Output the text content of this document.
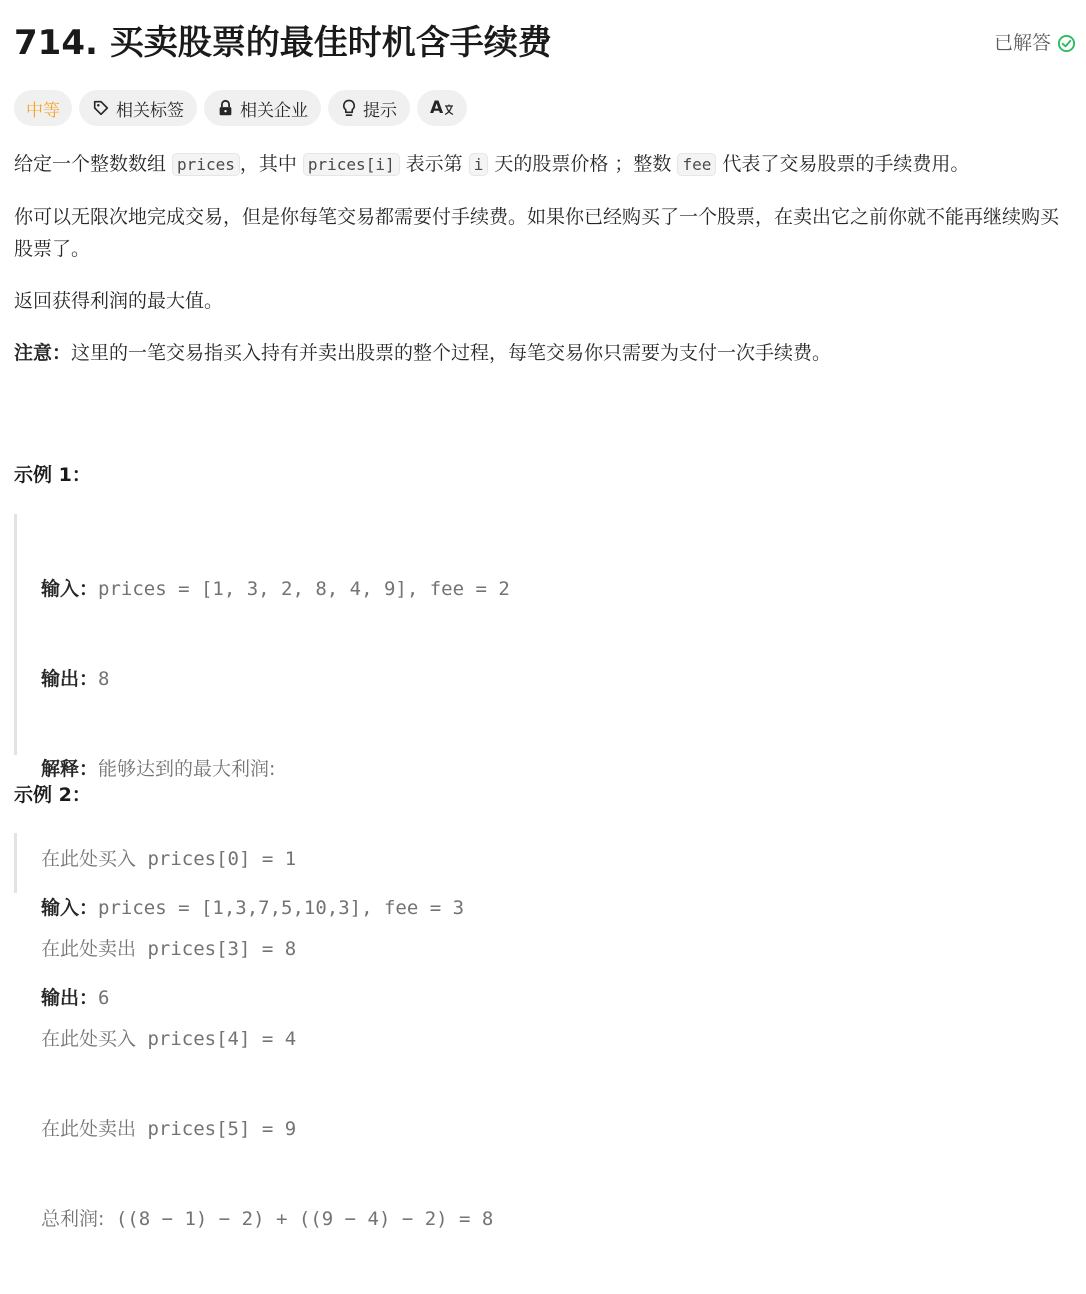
714. 买卖股票的最佳时机含手续费	已解答
中等	相关标签	相关企业	提示 A

给定一个整数数组 prices ，其中 prices[i] 表示第 i 天的股票价格 ；整数 fee 代表了交易股票的手续费用。

你可以无限次地完成交易，但是你每笔交易都需要付手续费。如果你已经购买了一个股票，在卖出它之前你就不能再继续购买股票了。

返回获得利润的最大值。

注意：这里的一笔交易指买入持有并卖出股票的整个过程，每笔交易你只需要为支付一次手续费。

示例 1：

输入：prices = [1, 3, 2, 8, 4, 9], fee = 2

输出：8

解释：能够达到的最大利润:

在此处买入 prices[0] = 1

在此处卖出 prices[3] = 8

在此处买入 prices[4] = 4

在此处卖出 prices[5] = 9

总利润: ((8 − 1) − 2) + ((9 − 4) − 2) = 8

示例 2：

输入：prices = [1,3,7,5,10,3], fee = 3

输出：6
